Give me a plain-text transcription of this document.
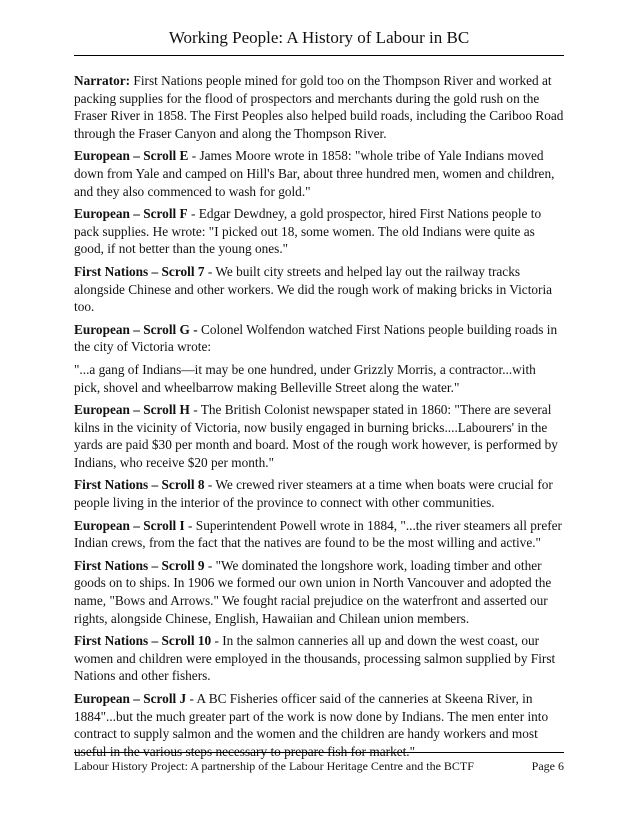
Working People: A History of Labour in BC

Narrator: First Nations people mined for gold too on the Thompson River and worked at packing supplies for the flood of prospectors and merchants during the gold rush on the Fraser River in 1858. The First Peoples also helped build roads, including the Cariboo Road through the Fraser Canyon and along the Thompson River.

European – Scroll E - James Moore wrote in 1858: "whole tribe of Yale Indians moved down from Yale and camped on Hill's Bar, about three hundred men, women and children, and they also commenced to wash for gold."

European – Scroll F - Edgar Dewdney, a gold prospector, hired First Nations people to pack supplies. He wrote: "I picked out 18, some women. The old Indians were quite as good, if not better than the young ones."

First Nations – Scroll 7 - We built city streets and helped lay out the railway tracks alongside Chinese and other workers. We did the rough work of making bricks in Victoria too.

European – Scroll G - Colonel Wolfendon watched First Nations people building roads in the city of Victoria wrote:

"...a gang of Indians—it may be one hundred, under Grizzly Morris, a contractor...with pick, shovel and wheelbarrow making Belleville Street along the water."

European – Scroll H - The British Colonist newspaper stated in 1860: "There are several kilns in the vicinity of Victoria, now busily engaged in burning bricks....Labourers' in the yards are paid $30 per month and board. Most of the rough work however, is performed by Indians, who receive $20 per month."

First Nations – Scroll 8 - We crewed river steamers at a time when boats were crucial for people living in the interior of the province to connect with other communities.

European – Scroll I - Superintendent Powell wrote in 1884, "...the river steamers all prefer Indian crews, from the fact that the natives are found to be the most willing and active."

First Nations – Scroll 9 - "We dominated the longshore work, loading timber and other goods on to ships. In 1906 we formed our own union in North Vancouver and adopted the name, "Bows and Arrows." We fought racial prejudice on the waterfront and asserted our rights, alongside Chinese, English, Hawaiian and Chilean union members.

First Nations – Scroll 10 - In the salmon canneries all up and down the west coast, our women and children were employed in the thousands, processing salmon supplied by First Nations and other fishers.

European – Scroll J - A BC Fisheries officer said of the canneries at Skeena River, in 1884"...but the much greater part of the work is now done by Indians. The men enter into contract to supply salmon and the women and the children are handy workers and most useful in the various steps necessary to prepare fish for market."

Labour History Project: A partnership of the Labour Heritage Centre and the BCTF	Page 6
